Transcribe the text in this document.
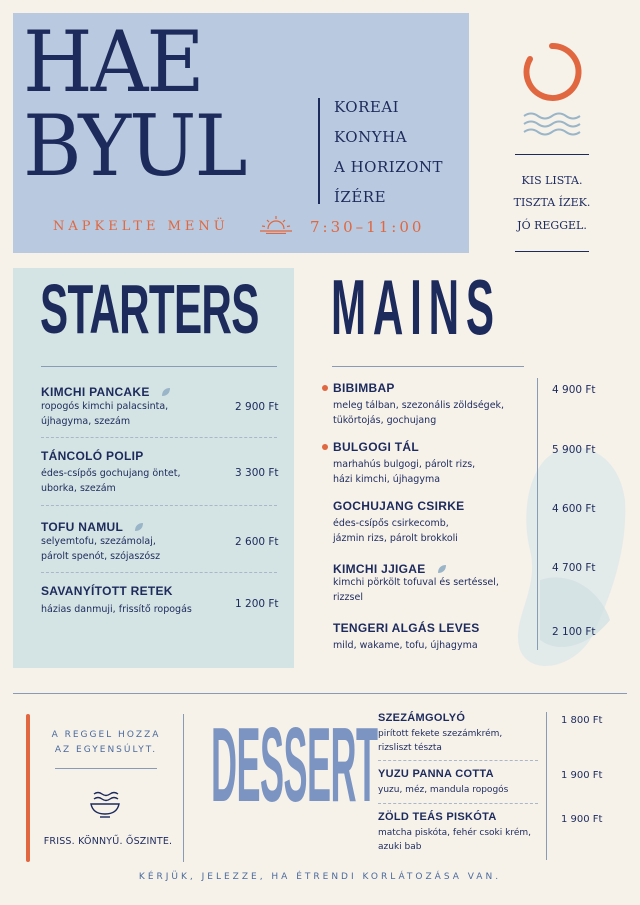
HAE
BYUL	KOREAI
KONYHA
A HORIZONT
ÍZÉRE
NAPKELTE MENÜ	7:30–11:00
KIS LISTA.
TISZTA ÍZEK.
JÓ REGGEL.
STARTERS
KIMCHI PANCAKE
ropogós kimchi palacsinta,
újhagyma, szezám
2 900 Ft
TÁNCOLÓ POLIP
édes-csípős gochujang öntet,
uborka, szezám
3 300 Ft
TOFU NAMUL
selyemtofu, szezámolaj,
párolt spenót, szójaszósz
2 600 Ft
SAVANYÍTOTT RETEK
házias danmuji, frissítő ropogás	1 200 Ft
MAINS
BIBIMBAP
meleg tálban, szezonális zöldségek,
tükörtojás, gochujang
4 900 Ft
BULGOGI TÁL
marhahús bulgogi, párolt rizs,
házi kimchi, újhagyma
5 900 Ft
GOCHUJANG CSIRKE
édes-csípős csirkecomb,
jázmin rizs, párolt brokkoli
4 600 Ft
KIMCHI JJIGAE
kimchi pörkölt tofuval és sertéssel,
rizzsel
4 700 Ft
TENGERI ALGÁS LEVES
mild, wakame, tofu, újhagyma
2 100 Ft
A REGGEL HOZZA
AZ EGYENSÚLYT.
FRISS. KÖNNYŰ. ŐSZINTE.
DESSERT SZEZÁMGOLYÓ
pirított fekete szezámkrém,
rizsliszt tészta
1 800 Ft
YUZU PANNA COTTA
yuzu, méz, mandula ropogós
1 900 Ft
ZÖLD TEÁS PISKÓTA
matcha piskóta, fehér csoki krém,
azuki bab
1 900 Ft
KÉRJÜK, JELEZZE, HA ÉTRENDI KORLÁTOZÁSA VAN.
